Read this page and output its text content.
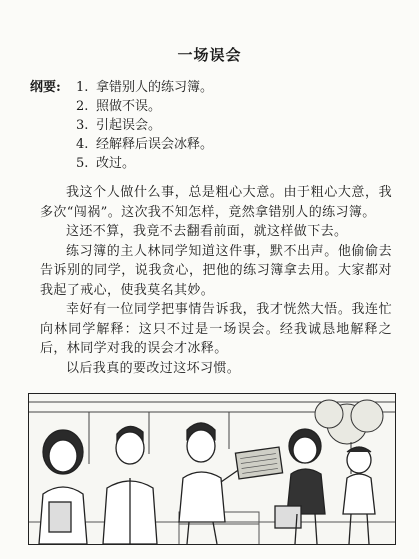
一场误会
纲要:	1. 拿错别人的练习簿。
2. 照做不误。
3. 引起误会。
4. 经解释后误会冰释。
5. 改过。

我这个人做什么事，总是粗心大意。由于粗心大意，我多次“闯祸”。这次我不知怎样，竟然拿错别人的练习簿。

这还不算，我竟不去翻看前面，就这样做下去。

练习簿的主人林同学知道这件事，默不出声。他偷偷去告诉别的同学，说我贪心，把他的练习簿拿去用。大家都对我起了戒心，使我莫名其妙。

幸好有一位同学把事情告诉我，我才恍然大悟。我连忙向林同学解释：这只不过是一场误会。经我诚恳地解释之后，林同学对我的误会才冰释。

以后我真的要改过这坏习惯。
